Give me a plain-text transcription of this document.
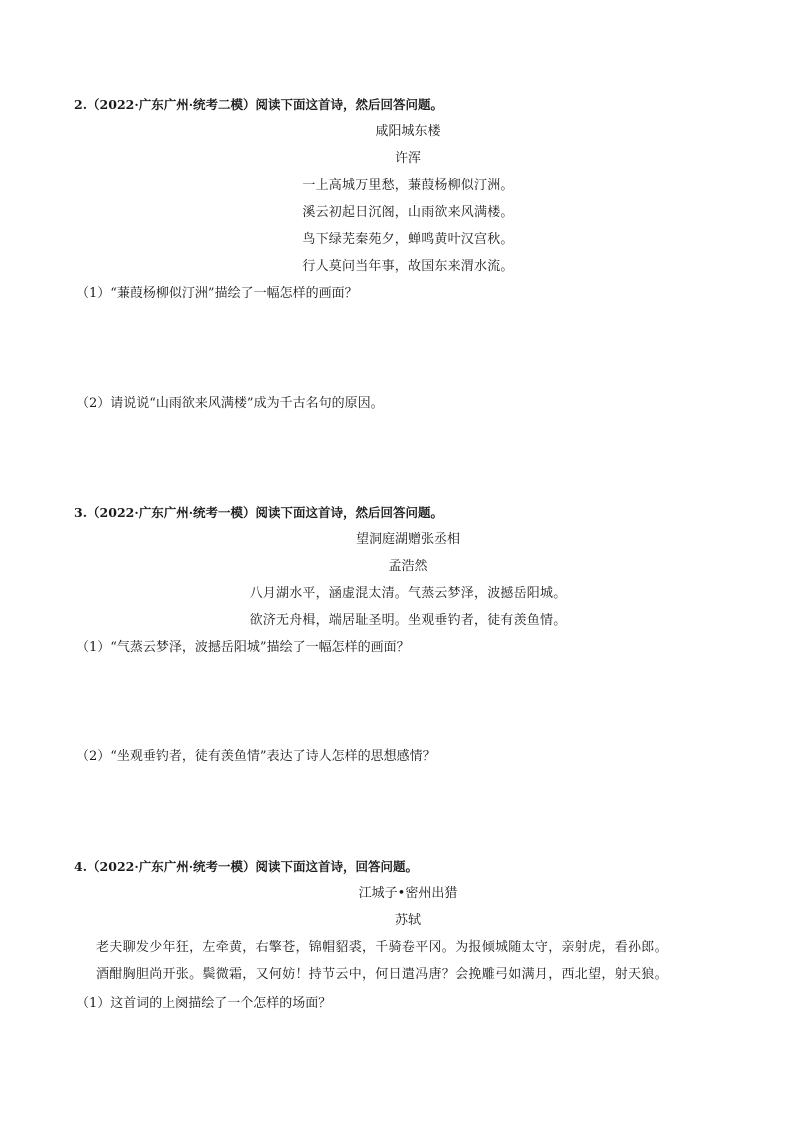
2.（2022·广东广州·统考二模）阅读下面这首诗，然后回答问题。
咸阳城东楼
许浑
一上高城万里愁，蒹葭杨柳似汀洲。
溪云初起日沉阁，山雨欲来风满楼。
鸟下绿芜秦苑夕，蝉鸣黄叶汉宫秋。
行人莫问当年事，故国东来渭水流。
（1）“蒹葭杨柳似汀洲”描绘了一幅怎样的画面？
（2）请说说“山雨欲来风满楼”成为千古名句的原因。
3.（2022·广东广州·统考一模）阅读下面这首诗，然后回答问题。
望洞庭湖赠张丞相
孟浩然
八月湖水平，涵虚混太清。气蒸云梦泽，波撼岳阳城。
欲济无舟楫，端居耻圣明。坐观垂钓者，徒有羡鱼情。
（1）“气蒸云梦泽，波撼岳阳城”描绘了一幅怎样的画面？
（2）“坐观垂钓者，徒有羡鱼情”表达了诗人怎样的思想感情？
4.（2022·广东广州·统考一模）阅读下面这首诗，回答问题。
江城子•密州出猎
苏轼
老夫聊发少年狂，左牵黄，右擎苍，锦帽貂裘，千骑卷平冈。为报倾城随太守，亲射虎，看孙郎。
酒酣胸胆尚开张。鬓微霜，又何妨！持节云中，何日遣冯唐？会挽雕弓如满月，西北望，射天狼。
（1）这首词的上阕描绘了一个怎样的场面？
